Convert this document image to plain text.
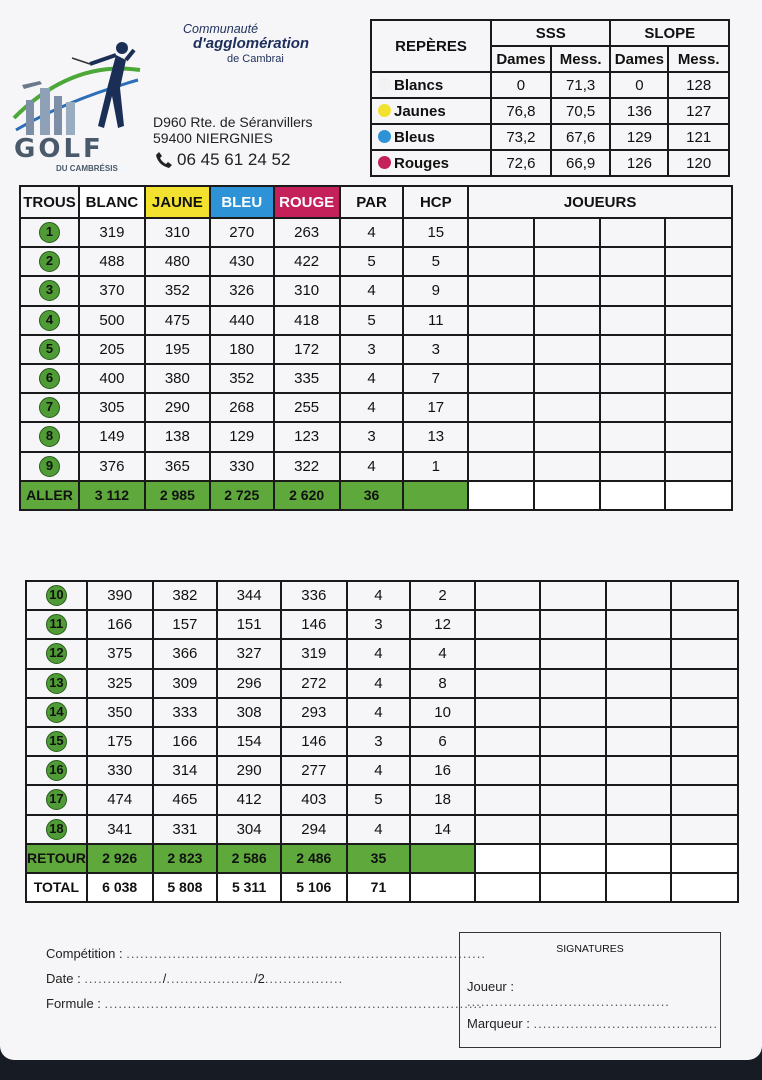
GOLF
DU CAMBRÉSIS
Communauté
d'agglomération
de Cambrai
D960 Rte. de Séranvillers
59400 NIERGNIES
06 45 61 24 52
REPÈRES	SSS		SLOPE	
	Dames	Mess.	Dames	Mess.
Blancs	0	71,3	0	128
Jaunes	76,8	70,5	136	127
Bleus	73,2	67,6	129	121
Rouges	72,6	66,9	126	120
TROUS	BLANC	JAUNE	BLEU	ROUGE	PAR	HCP	JOUEURS			
1	319	310	270	263	4	15				
2	488	480	430	422	5	5				
3	370	352	326	310	4	9				
4	500	475	440	418	5	11				
5	205	195	180	172	3	3				
6	400	380	352	335	4	7				
7	305	290	268	255	4	17				
8	149	138	129	123	3	13				
9	376	365	330	322	4	1				
ALLER	3 112	2 985	2 725	2 620	36					
10	390	382	344	336	4	2				
11	166	157	151	146	3	12				
12	375	366	327	319	4	4				
13	325	309	296	272	4	8				
14	350	333	308	293	4	10				
15	175	166	154	146	3	6				
16	330	314	290	277	4	16				
17	474	465	412	403	5	18				
18	341	331	304	294	4	14				
RETOUR	2 926	2 823	2 586	2 486	35					
TOTAL	6 038	5 808	5 311	5 106	71					
Compétition : ..............................................................................
Date : ................./.................../2.................
Formule : ..................................................................................
SIGNATURES
Joueur : ............................................
Marqueur : ........................................
